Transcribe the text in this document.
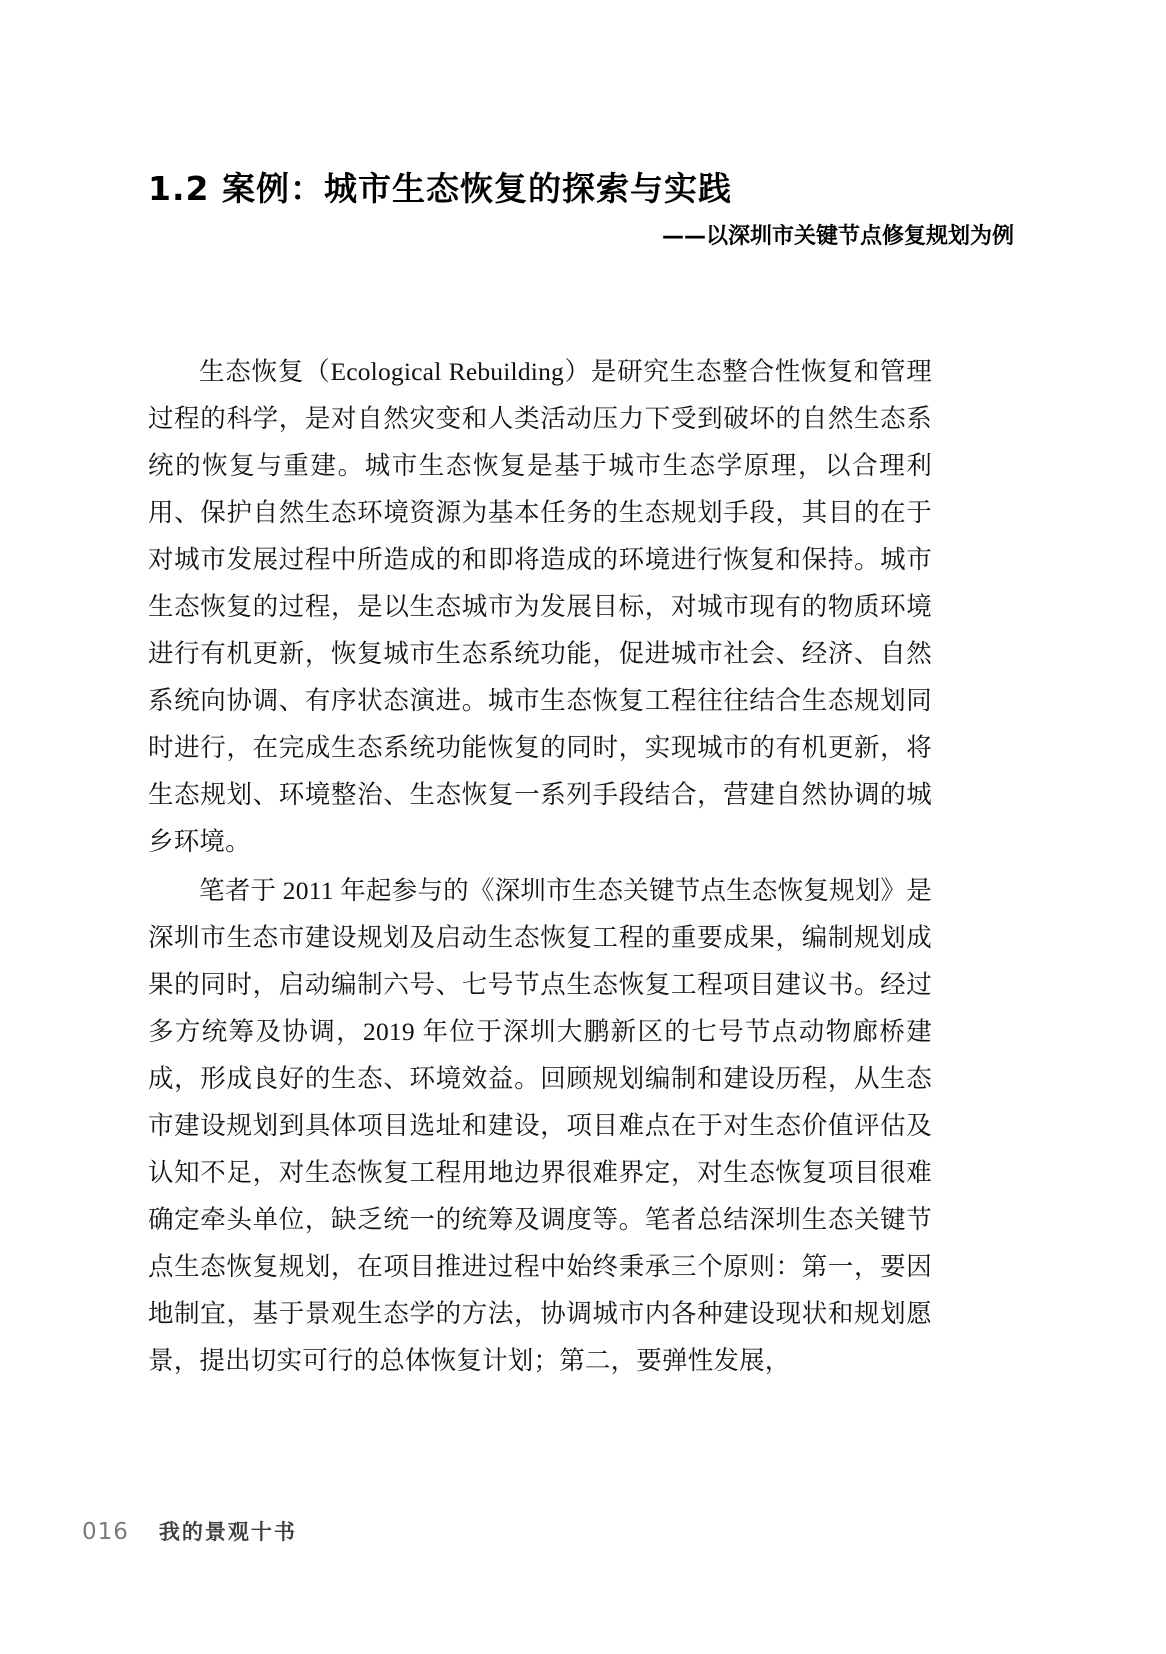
1.2 案例：城市生态恢复的探索与实践
——以深圳市关键节点修复规划为例

生态恢复（Ecological Rebuilding）是研究生态整合性恢复和管理过程的科学，是对自然灾变和人类活动压力下受到破坏的自然生态系统的恢复与重建。城市生态恢复是基于城市生态学原理，以合理利用、保护自然生态环境资源为基本任务的生态规划手段，其目的在于对城市发展过程中所造成的和即将造成的环境进行恢复和保持。城市生态恢复的过程，是以生态城市为发展目标，对城市现有的物质环境进行有机更新，恢复城市生态系统功能，促进城市社会、经济、自然系统向协调、有序状态演进。城市生态恢复工程往往结合生态规划同时进行，在完成生态系统功能恢复的同时，实现城市的有机更新，将生态规划、环境整治、生态恢复一系列手段结合，营建自然协调的城乡环境。

笔者于 2011 年起参与的《深圳市生态关键节点生态恢复规划》是深圳市生态市建设规划及启动生态恢复工程的重要成果，编制规划成果的同时，启动编制六号、七号节点生态恢复工程项目建议书。经过多方统筹及协调，2019 年位于深圳大鹏新区的七号节点动物廊桥建成，形成良好的生态、环境效益。回顾规划编制和建设历程，从生态市建设规划到具体项目选址和建设，项目难点在于对生态价值评估及认知不足，对生态恢复工程用地边界很难界定，对生态恢复项目很难确定牵头单位，缺乏统一的统筹及调度等。笔者总结深圳生态关键节点生态恢复规划，在项目推进过程中始终秉承三个原则：第一，要因地制宜，基于景观生态学的方法，协调城市内各种建设现状和规划愿景，提出切实可行的总体恢复计划；第二，要弹性发展，

016 我的景观十书
